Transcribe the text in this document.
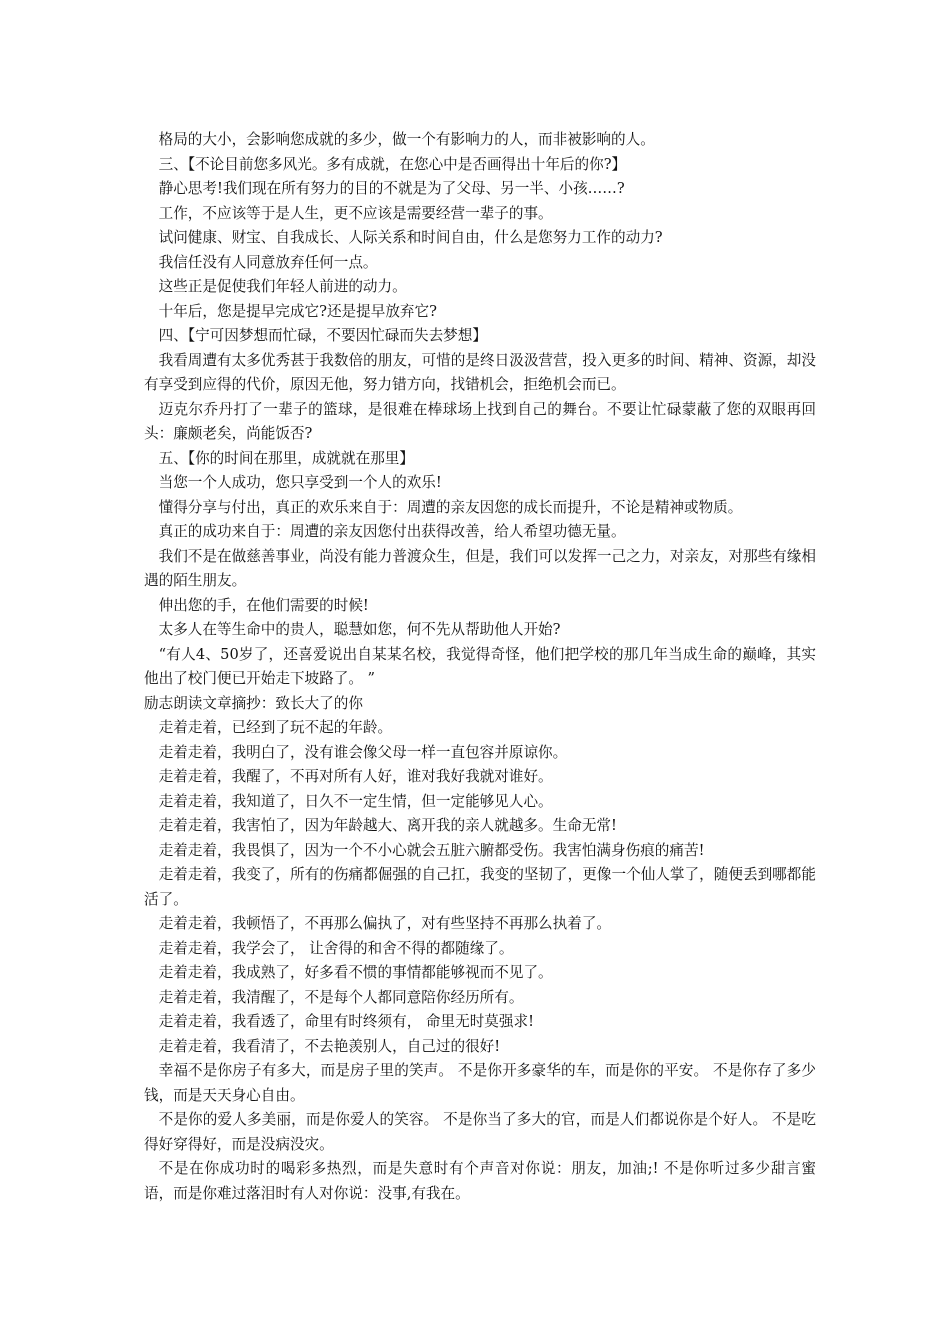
格局的大小，会影响您成就的多少，做一个有影响力的人，而非被影响的人。

三、【不论目前您多风光。多有成就，在您心中是否画得出十年后的你?】

静心思考!我们现在所有努力的目的不就是为了父母、另一半、小孩……?

工作，不应该等于是人生，更不应该是需要经营一辈子的事。

试问健康、财宝、自我成长、人际关系和时间自由，什么是您努力工作的动力?

我信任没有人同意放弃任何一点。

这些正是促使我们年轻人前进的动力。

十年后，您是提早完成它?还是提早放弃它?

四、【宁可因梦想而忙碌，不要因忙碌而失去梦想】

我看周遭有太多优秀甚于我数倍的朋友，可惜的是终日汲汲营营，投入更多的时间、精神、资源，却没有享受到应得的代价，原因无他，努力错方向，找错机会，拒绝机会而已。

迈克尔乔丹打了一辈子的篮球，是很难在棒球场上找到自己的舞台。不要让忙碌蒙蔽了您的双眼再回头：廉颇老矣，尚能饭否?

五、【你的时间在那里，成就就在那里】

当您一个人成功，您只享受到一个人的欢乐!

懂得分享与付出，真正的欢乐来自于：周遭的亲友因您的成长而提升，不论是精神或物质。

真正的成功来自于：周遭的亲友因您付出获得改善，给人希望功德无量。

我们不是在做慈善事业，尚没有能力普渡众生，但是，我们可以发挥一己之力，对亲友，对那些有缘相遇的陌生朋友。

伸出您的手，在他们需要的时候!

太多人在等生命中的贵人，聪慧如您，何不先从帮助他人开始?

“有人4、50岁了，还喜爱说出自某某名校，我觉得奇怪，他们把学校的那几年当成生命的巅峰，其实他出了校门便已开始走下坡路了。 ”

励志朗读文章摘抄：致长大了的你

走着走着，已经到了玩不起的年龄。

走着走着，我明白了，没有谁会像父母一样一直包容并原谅你。

走着走着，我醒了，不再对所有人好，谁对我好我就对谁好。

走着走着，我知道了，日久不一定生情，但一定能够见人心。

走着走着，我害怕了，因为年龄越大、离开我的亲人就越多。生命无常!

走着走着，我畏惧了，因为一个不小心就会五脏六腑都受伤。我害怕满身伤痕的痛苦!

走着走着，我变了，所有的伤痛都倔强的自己扛，我变的坚韧了，更像一个仙人掌了，随便丢到哪都能活了。

走着走着，我顿悟了，不再那么偏执了，对有些坚持不再那么执着了。

走着走着，我学会了， 让舍得的和舍不得的都随缘了。

走着走着，我成熟了，好多看不惯的事情都能够视而不见了。

走着走着，我清醒了，不是每个人都同意陪你经历所有。

走着走着，我看透了，命里有时终须有， 命里无时莫强求!

走着走着，我看清了，不去艳羡别人，自己过的很好!

幸福不是你房子有多大，而是房子里的笑声。 不是你开多豪华的车，而是你的平安。 不是你存了多少钱，而是天天身心自由。

不是你的爱人多美丽，而是你爱人的笑容。 不是你当了多大的官，而是人们都说你是个好人。 不是吃得好穿得好，而是没病没灾。

不是在你成功时的喝彩多热烈，而是失意时有个声音对你说：朋友，加油;! 不是你听过多少甜言蜜语，而是你难过落泪时有人对你说：没事,有我在。
